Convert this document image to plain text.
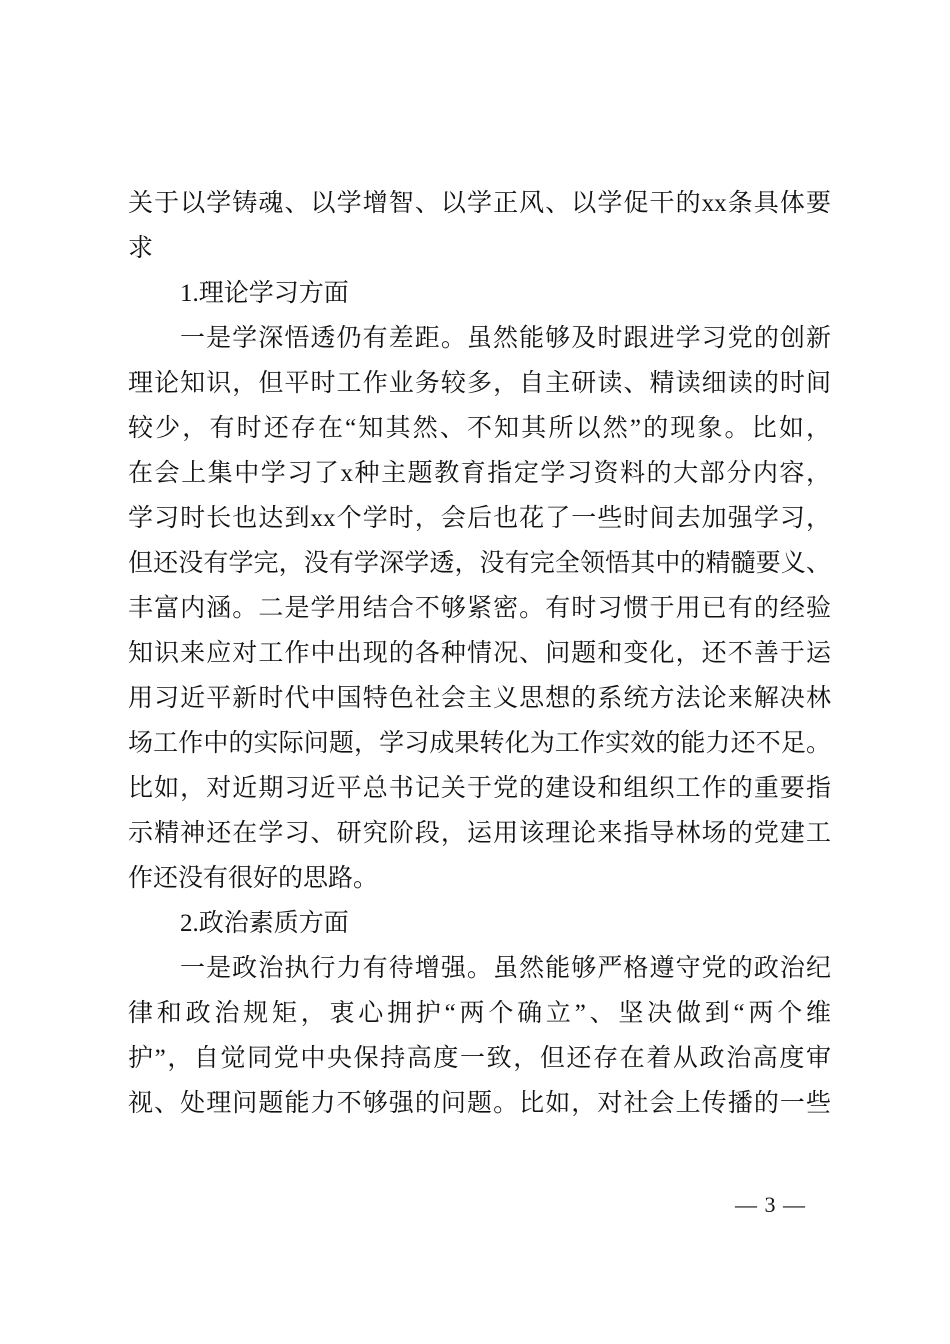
关于以学铸魂、以学增智、以学正风、以学促干的xx条具体要
求
1.理论学习方面
一是学深悟透仍有差距。虽然能够及时跟进学习党的创新
理论知识，但平时工作业务较多，自主研读、精读细读的时间
较少，有时还存在“知其然、不知其所以然”的现象。比如，
在会上集中学习了x种主题教育指定学习资料的大部分内容，
学习时长也达到xx个学时，会后也花了一些时间去加强学习，
但还没有学完，没有学深学透，没有完全领悟其中的精髓要义、
丰富内涵。二是学用结合不够紧密。有时习惯于用已有的经验
知识来应对工作中出现的各种情况、问题和变化，还不善于运
用习近平新时代中国特色社会主义思想的系统方法论来解决林
场工作中的实际问题，学习成果转化为工作实效的能力还不足。
比如，对近期习近平总书记关于党的建设和组织工作的重要指
示精神还在学习、研究阶段，运用该理论来指导林场的党建工
作还没有很好的思路。
2.政治素质方面
一是政治执行力有待增强。虽然能够严格遵守党的政治纪
律和政治规矩，衷心拥护“两个确立”、坚决做到“两个维
护”，自觉同党中央保持高度一致，但还存在着从政治高度审
视、处理问题能力不够强的问题。比如，对社会上传播的一些
— 3 —
